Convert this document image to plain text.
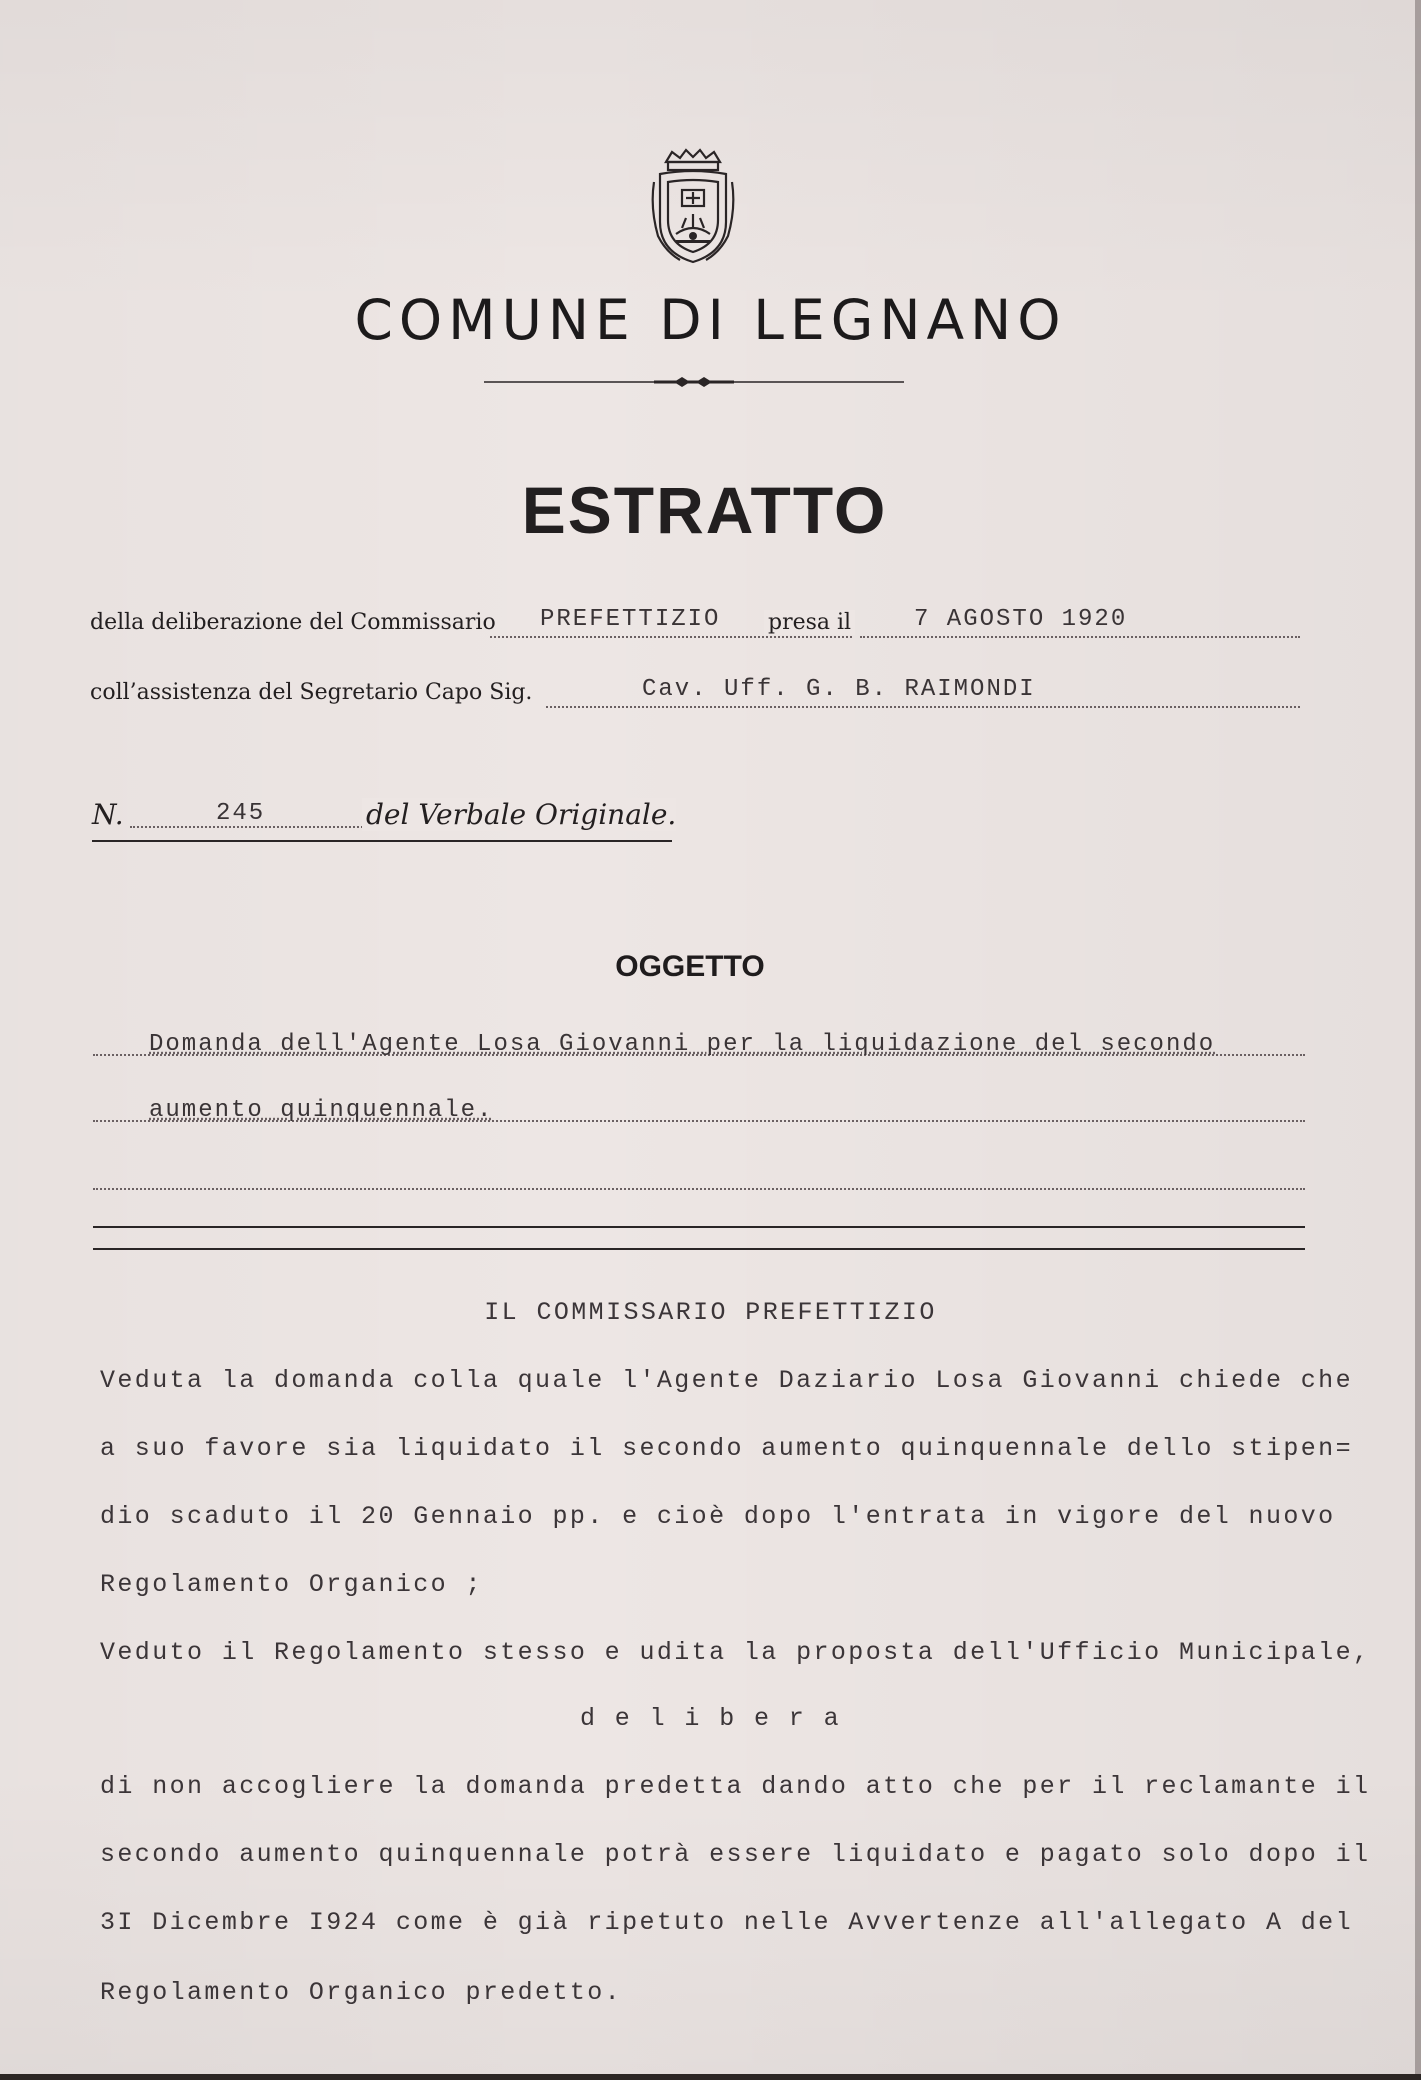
COMUNE DI LEGNANO
ESTRATTO
della deliberazione del Commissario PREFETTIZIO presa il	7 AGOSTO 1920
coll’assistenza del Segretario Capo Sig.	Cav. Uff. G. B. RAIMONDI
N.	245	del Verbale Originale.
OGGETTO
Domanda dell'Agente Losa Giovanni per la liquidazione del secondo
aumento quinquennale.
IL COMMISSARIO PREFETTIZIO
Veduta la domanda colla quale l'Agente Daziario Losa Giovanni chiede che
a suo favore sia liquidato il secondo aumento quinquennale dello stipen=
dio scaduto il 20 Gennaio pp. e cioè dopo l'entrata in vigore del nuovo
Regolamento Organico ;
Veduto il Regolamento stesso e udita la proposta dell'Ufficio Municipale,
d e l i b e r a
di non accogliere la domanda predetta dando atto che per il reclamante il
secondo aumento quinquennale potrà essere liquidato e pagato solo dopo il
3I Dicembre I924 come è già ripetuto nelle Avvertenze all'allegato A del
Regolamento Organico predetto.
